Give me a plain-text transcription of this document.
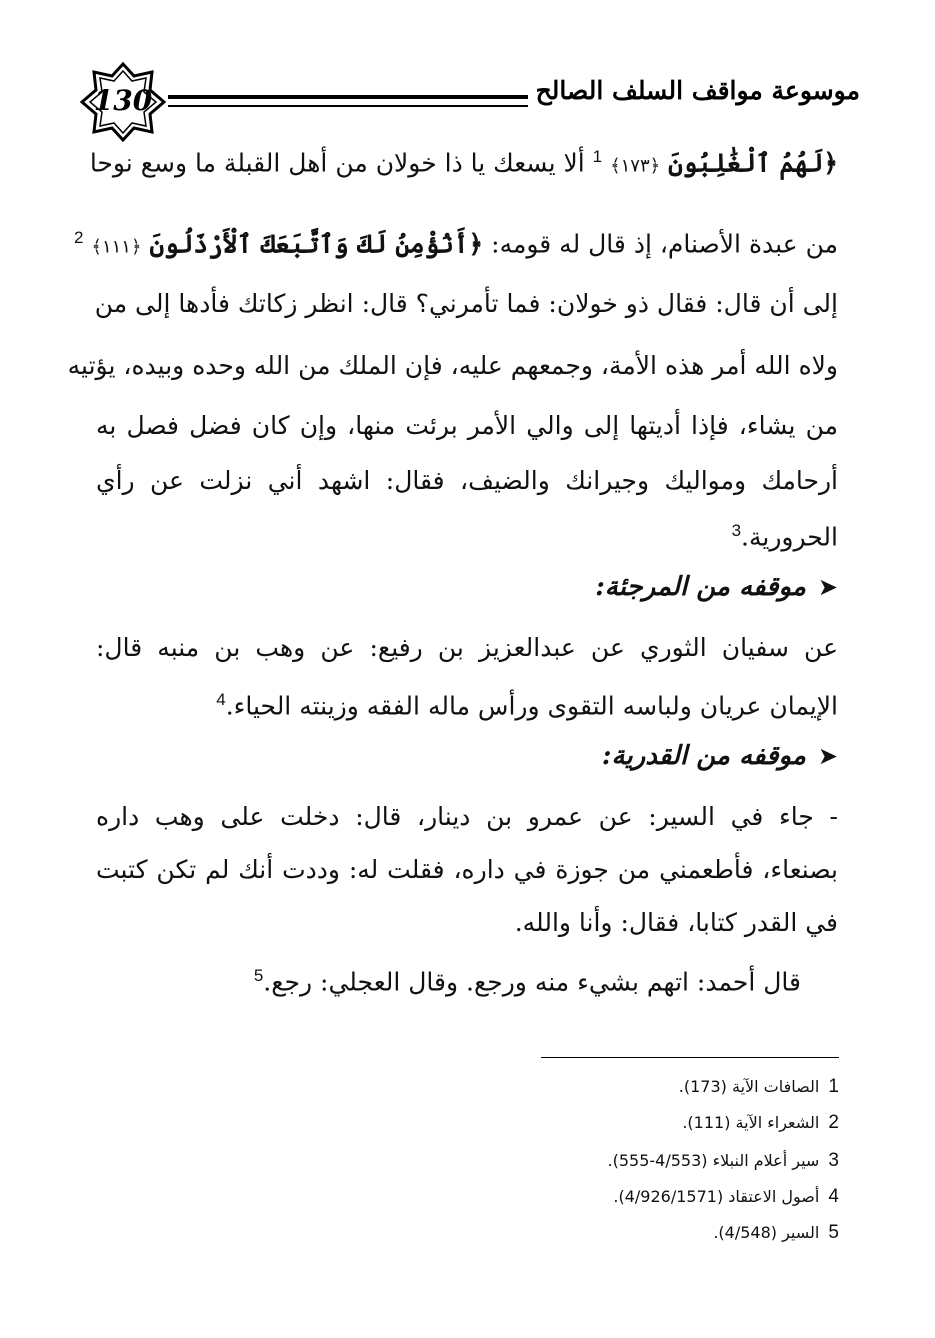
130	موسوعة مواقف السلف الصالح
﴿لَهُمُ ٱلْغَٰلِبُونَ ﴿١٧٣﴾ $^1$ ألا يسعك يا ذا خولان من أهل القبلة ما وسع نوحا
من عبدة الأصنام، إذ قال له قومه: ﴿أَنُؤْمِنُ لَكَ وَٱتَّبَعَكَ ٱلْأَرْذَلُونَ ﴿١١١﴾ $^2$
إلى أن قال: فقال ذو خولان: فما تأمرني؟ قال: انظر زكاتك فأدها إلى من
ولاه الله أمر هذه الأمة، وجمعهم عليه، فإن الملك من الله وحده وبيده، يؤتيه
من يشاء، فإذا أديتها إلى والي الأمر برئت منها، وإن كان فضل فصل به
أرحامك ومواليك وجيرانك والضيف، فقال: اشهد أني نزلت عن رأي
الحرورية.$^3$
➤موقفه من المرجئة:
عن سفيان الثوري عن عبدالعزيز بن رفيع: عن وهب بن منبه قال:
الإيمان عريان ولباسه التقوى ورأس ماله الفقه وزينته الحياء.$^4$
➤موقفه من القدرية:
- جاء في السير: عن عمرو بن دينار، قال: دخلت على وهب داره
بصنعاء، فأطعمني من جوزة في داره، فقلت له: وددت أنك لم تكن كتبت
في القدر كتابا، فقال: وأنا والله.
قال أحمد: اتهم بشيء منه ورجع. وقال العجلي: رجع.$^5$
1 الصافات الآية (173).
2 الشعراء الآية (111).
3 سير أعلام النبلاء (4/553-555).
4 أصول الاعتقاد (4/926/1571).
5 السير (4/548).
